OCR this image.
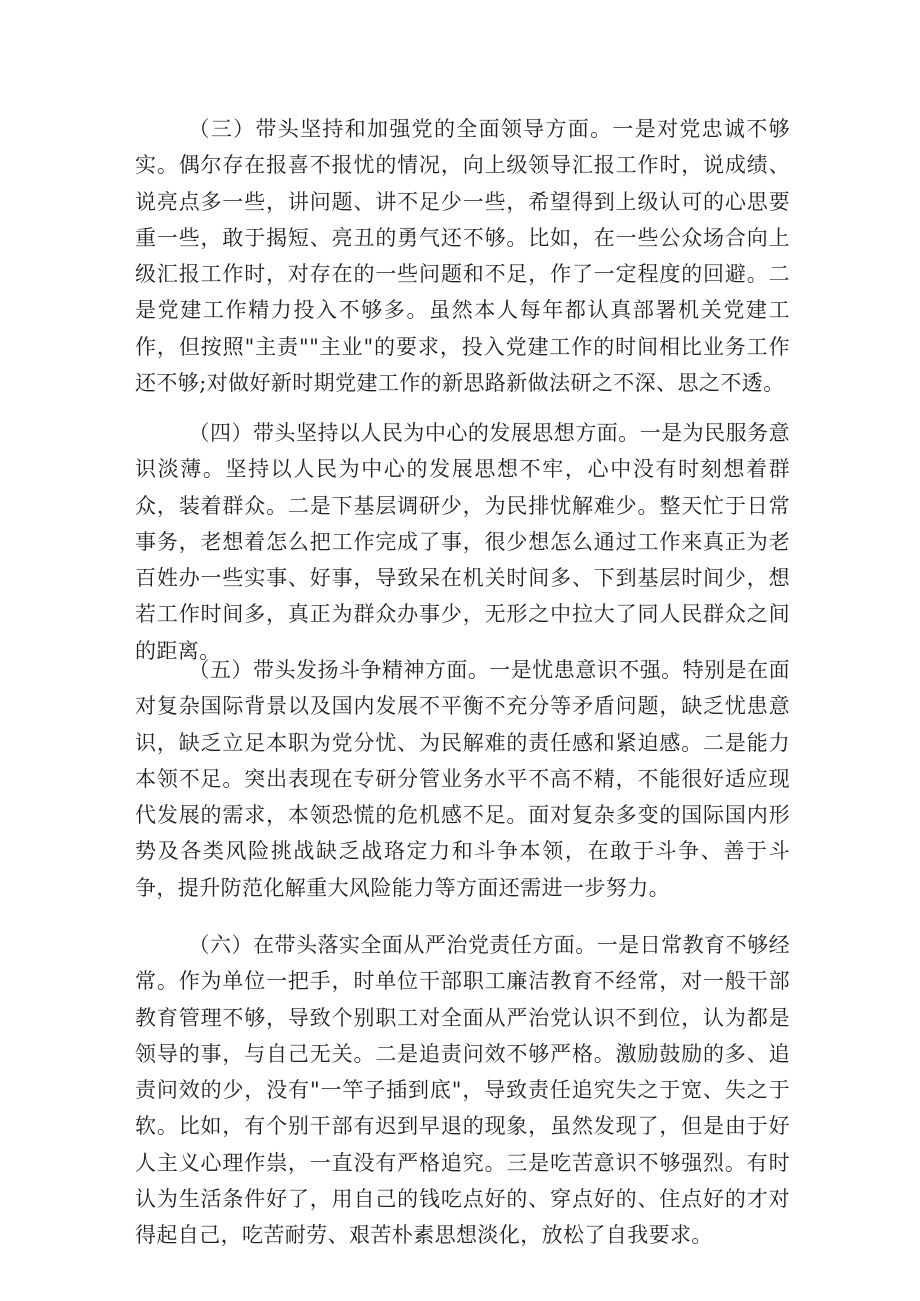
（三）带头坚持和加强党的全面领导方面。一是对党忠诚不够实。偶尔存在报喜不报忧的情况，向上级领导汇报工作时，说成绩、说亮点多一些，讲问题、讲不足少一些，希望得到上级认可的心思要重一些，敢于揭短、亮丑的勇气还不够。比如，在一些公众场合向上级汇报工作时，对存在的一些问题和不足，作了一定程度的回避。二是党建工作精力投入不够多。虽然本人每年都认真部署机关党建工作，但按照"主责""主业"的要求，投入党建工作的时间相比业务工作还不够;对做好新时期党建工作的新思路新做法研之不深、思之不透。

（四）带头坚持以人民为中心的发展思想方面。一是为民服务意识淡薄。坚持以人民为中心的发展思想不牢，心中没有时刻想着群众，装着群众。二是下基层调研少，为民排忧解难少。整天忙于日常事务，老想着怎么把工作完成了事，很少想怎么通过工作来真正为老百姓办一些实事、好事，导致呆在机关时间多、下到基层时间少，想若工作时间多，真正为群众办事少，无形之中拉大了同人民群众之间的距离。

（五）带头发扬斗争精神方面。一是忧患意识不强。特别是在面对复杂国际背景以及国内发展不平衡不充分等矛盾问题，缺乏忧患意识，缺乏立足本职为党分忧、为民解难的责任感和紧迫感。二是能力本领不足。突出表现在专研分管业务水平不高不精，不能很好适应现代发展的需求，本领恐慌的危机感不足。面对复杂多变的国际国内形势及各类风险挑战缺乏战珞定力和斗争本领，在敢于斗争、善于斗争，提升防范化解重大风险能力等方面还需进一步努力。

（六）在带头落实全面从严治党责任方面。一是日常教育不够经常。作为单位一把手，时单位干部职工廉洁教育不经常，对一般干部教育管理不够，导致个别职工对全面从严治党认识不到位，认为都是领导的事，与自己无关。二是追责问效不够严格。激励鼓励的多、追责问效的少，没有"一竿子插到底"，导致责任追究失之于宽、失之于软。比如，有个别干部有迟到早退的现象，虽然发现了，但是由于好人主义心理作祟，一直没有严格追究。三是吃苦意识不够强烈。有时认为生活条件好了，用自己的钱吃点好的、穿点好的、住点好的才对得起自己，吃苦耐劳、艰苦朴素思想淡化，放松了自我要求。
